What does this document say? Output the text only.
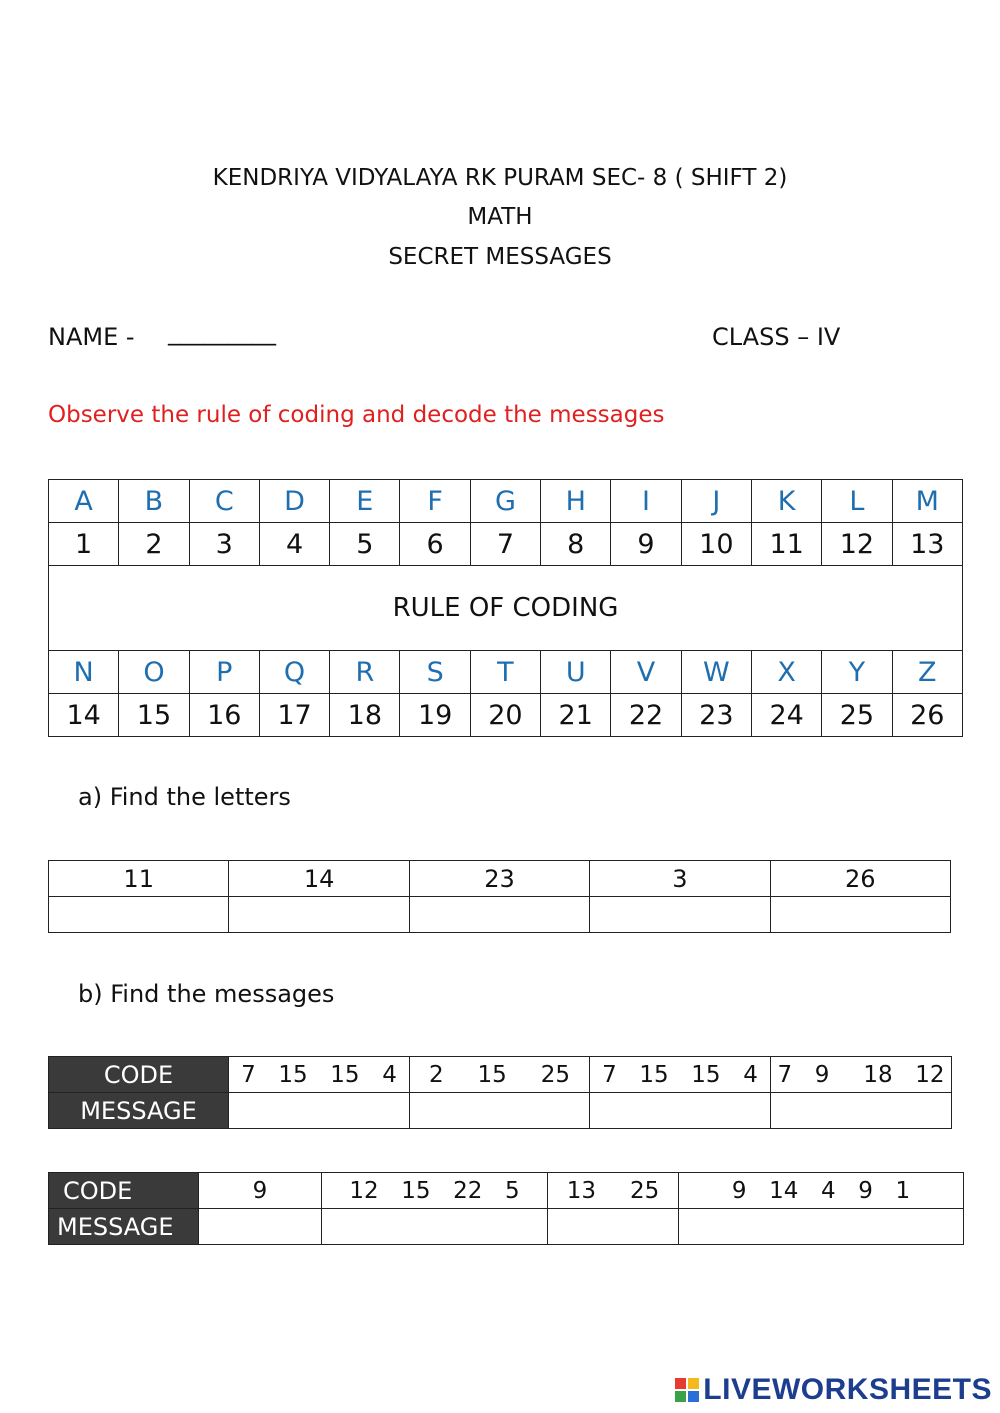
KENDRIYA VIDYALAYA RK PURAM SEC- 8 ( SHIFT 2)
MATH
SECRET MESSAGES
NAME - _________	CLASS – IV
Observe the rule of coding and decode the messages
A	B	C	D	E	F	G	H	I	J	K	L	M
1	2	3	4	5	6	7	8	9	10	11	12	13
RULE OF CODING												
N	O	P	Q	R	S	T	U	V	W	X	Y	Z
14	15	16	17	18	19	20	21	22	23	24	25	26
a) Find the letters
11	14	23	3	26

b) Find the messages
CODE	7  15  15  4	2   15   25	7  15  15  4	7  9   18  12
MESSAGE				
CODE	9	12  15  22  5	13   25	9  14  4  9  1
MESSAGE				
LIVEWORKSHEETS
